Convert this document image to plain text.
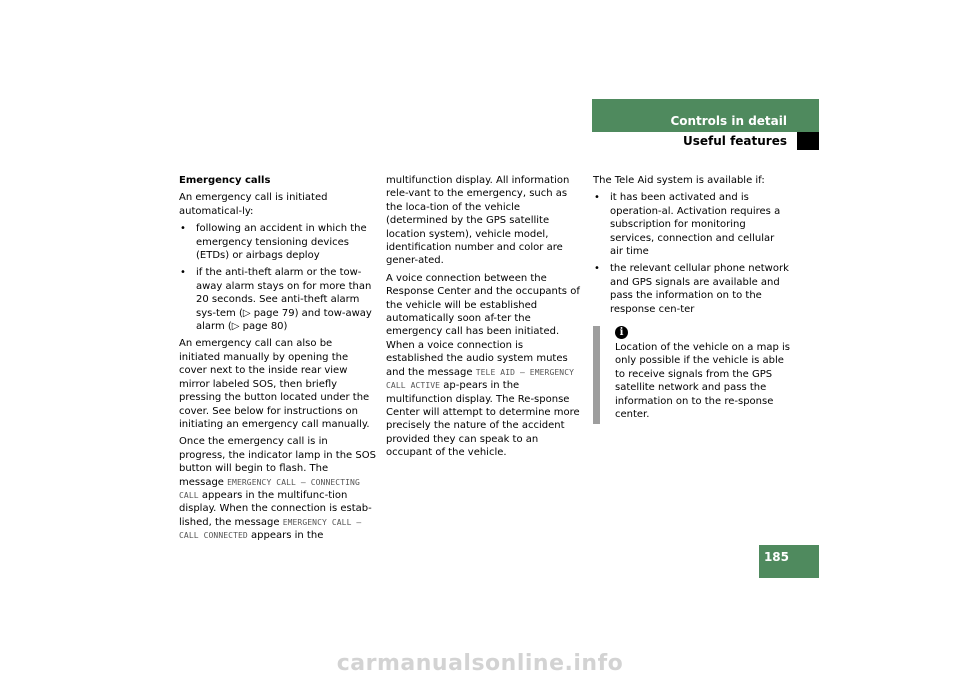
Controls in detail
Useful features

Emergency calls

An emergency call is initiated automatical-ly:

• following an accident in which the emergency tensioning devices (ETDs) or airbags deploy
• if the anti-theft alarm or the tow-away alarm stays on for more than 20 seconds. See anti-theft alarm sys-tem (▷ page 79) and tow-away alarm (▷ page 80)

An emergency call can also be initiated manually by opening the cover next to the inside rear view mirror labeled SOS, then briefly pressing the button located under the cover. See below for instructions on initiating an emergency call manually.

Once the emergency call is in progress, the indicator lamp in the SOS button will begin to flash. The message EMERGENCY CALL – CONNECTING CALL appears in the multifunc-tion display. When the connection is estab-lished, the message EMERGENCY CALL – CALL CONNECTED appears in the

multifunction display. All information rele-vant to the emergency, such as the loca-tion of the vehicle (determined by the GPS satellite location system), vehicle model, identification number and color are gener-ated.

A voice connection between the Response Center and the occupants of the vehicle will be established automatically soon af-ter the emergency call has been initiated. When a voice connection is established the audio system mutes and the message TELE AID – EMERGENCY CALL ACTIVE ap-pears in the multifunction display. The Re-sponse Center will attempt to determine more precisely the nature of the accident provided they can speak to an occupant of the vehicle.

The Tele Aid system is available if:

• it has been activated and is operation-al. Activation requires a subscription for monitoring services, connection and cellular air time
• the relevant cellular phone network and GPS signals are available and pass the information on to the response cen-ter
i
Location of the vehicle on a map is only possible if the vehicle is able to receive signals from the GPS satellite network and pass the information on to the re-sponse center.
185
carmanualsonline.info
